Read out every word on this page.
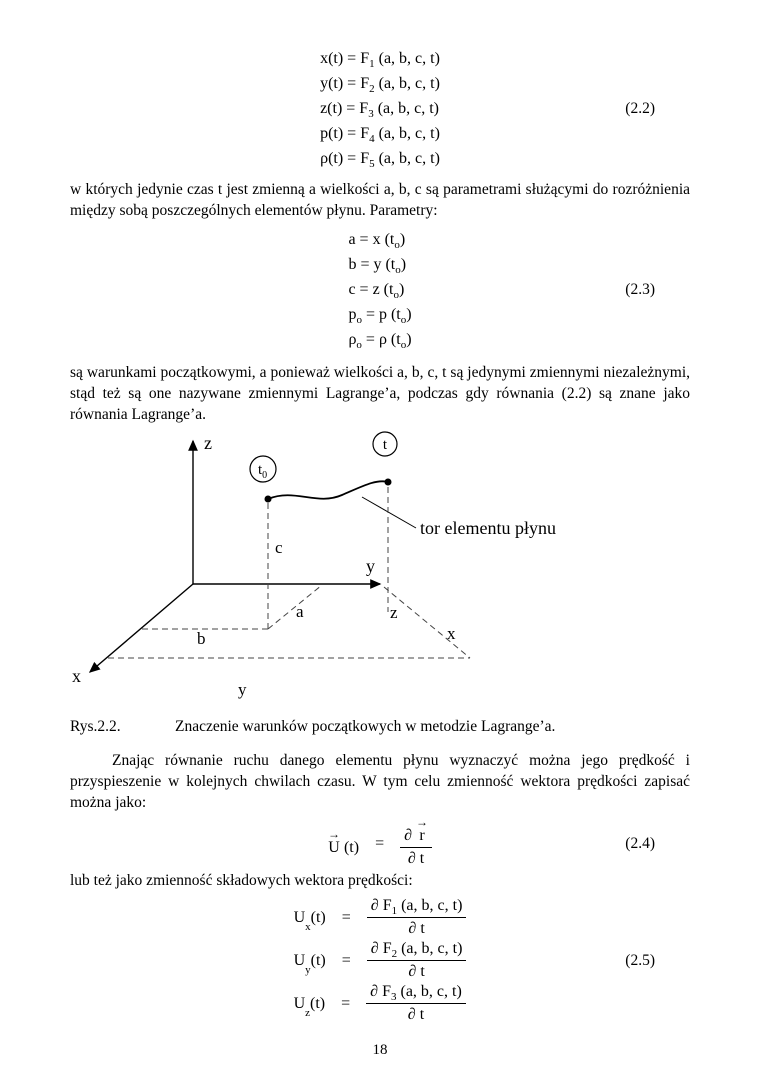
$x(t) = F_1$ (a, b, c, t)
$y(t) = F_2$ (a, b, c, t)
$z(t) = F_3$ (a, b, c, t)
$p(t) = F_4$ (a, b, c, t)
$\rho(t) = F_5$ (a, b, c, t)
(2.2)

w których jedynie czas t jest zmienną a wielkości a, b, c są parametrami służącymi do rozróżnienia między sobą poszczególnych elementów płynu. Parametry:

a = x $(t_o)$
b = y $(t_o)$
c = z $(t_o)$
$p_o = p$ $(t_o)$
$\rho_o = \rho$ $(t_o)$
(2.3)

są warunkami początkowymi, a ponieważ wielkości a, b, c, t są jedynymi zmiennymi niezależnymi, stąd też są one nazywane zmiennymi Lagrange’a, podczas gdy równania (2.2) są znane jako równania Lagrange’a.

z
y
x
$t_0$
t
tor elementu płynu
c
a
b
z
x
y
Rys.2.2.	Znaczenie warunków początkowych w metodzie Lagrange’a.

Znając równanie ruchu danego elementu płynu wyznaczyć można jego prędkość i przyspieszenie w kolejnych chwilach czasu. W tym celu zmienność wektora prędkości zapisać można jako:

→
U (t) = ∂
→
r
∂ t	(2.4)

lub też jako zmienność składowych wektora prędkości:

U
x
$(t) = \frac{\partial F_1 (a, b, c, t)}{\partial t}$
U
y
$(t) = \frac{\partial F_2 (a, b, c, t)}{\partial t}$
U
z
$(t) = \frac{\partial F_3 (a, b, c, t)}{\partial t}$
(2.5)
18
